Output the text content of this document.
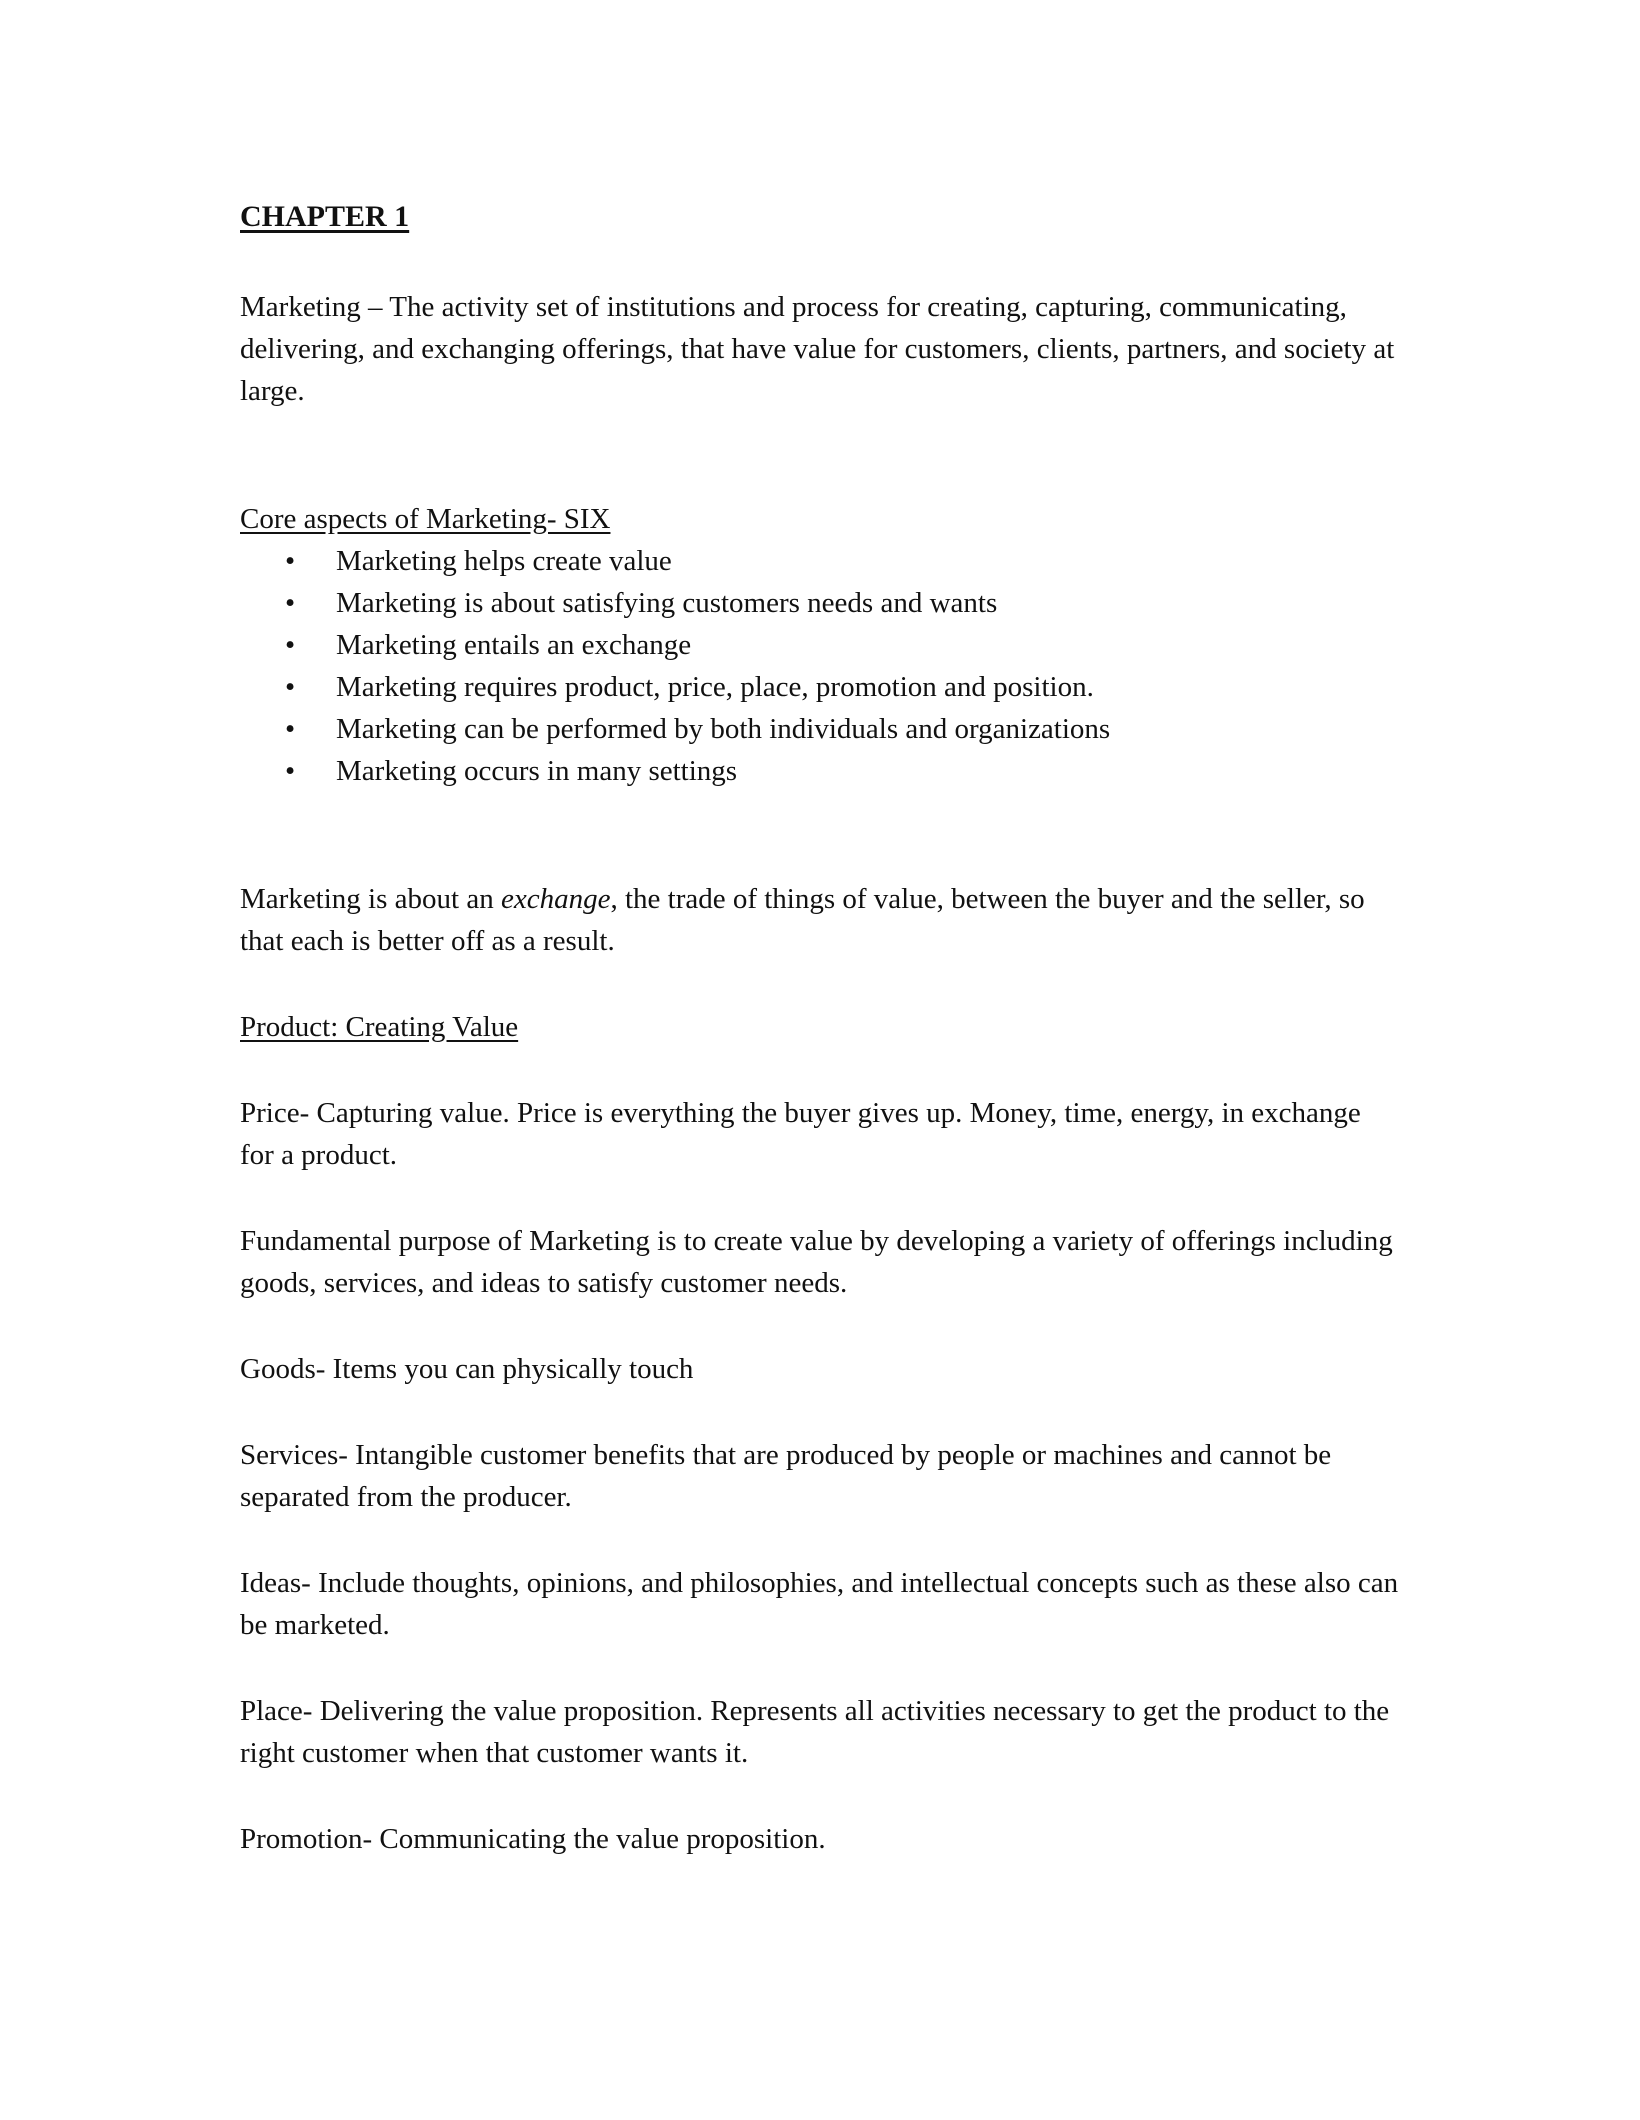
CHAPTER 1

Marketing – The activity set of institutions and process for creating, capturing, communicating, delivering, and exchanging offerings, that have value for customers, clients, partners, and society at large.

Core aspects of Marketing- SIX

• Marketing helps create value
• Marketing is about satisfying customers needs and wants
• Marketing entails an exchange
• Marketing requires product, price, place, promotion and position.
• Marketing can be performed by both individuals and organizations
• Marketing occurs in many settings

Marketing is about an exchange, the trade of things of value, between the buyer and the seller, so that each is better off as a result.

Product: Creating Value

Price- Capturing value. Price is everything the buyer gives up. Money, time, energy, in exchange for a product.

Fundamental purpose of Marketing is to create value by developing a variety of offerings including goods, services, and ideas to satisfy customer needs.

Goods- Items you can physically touch

Services- Intangible customer benefits that are produced by people or machines and cannot be separated from the producer.

Ideas- Include thoughts, opinions, and philosophies, and intellectual concepts such as these also can be marketed.

Place- Delivering the value proposition. Represents all activities necessary to get the product to the right customer when that customer wants it.

Promotion- Communicating the value proposition.
